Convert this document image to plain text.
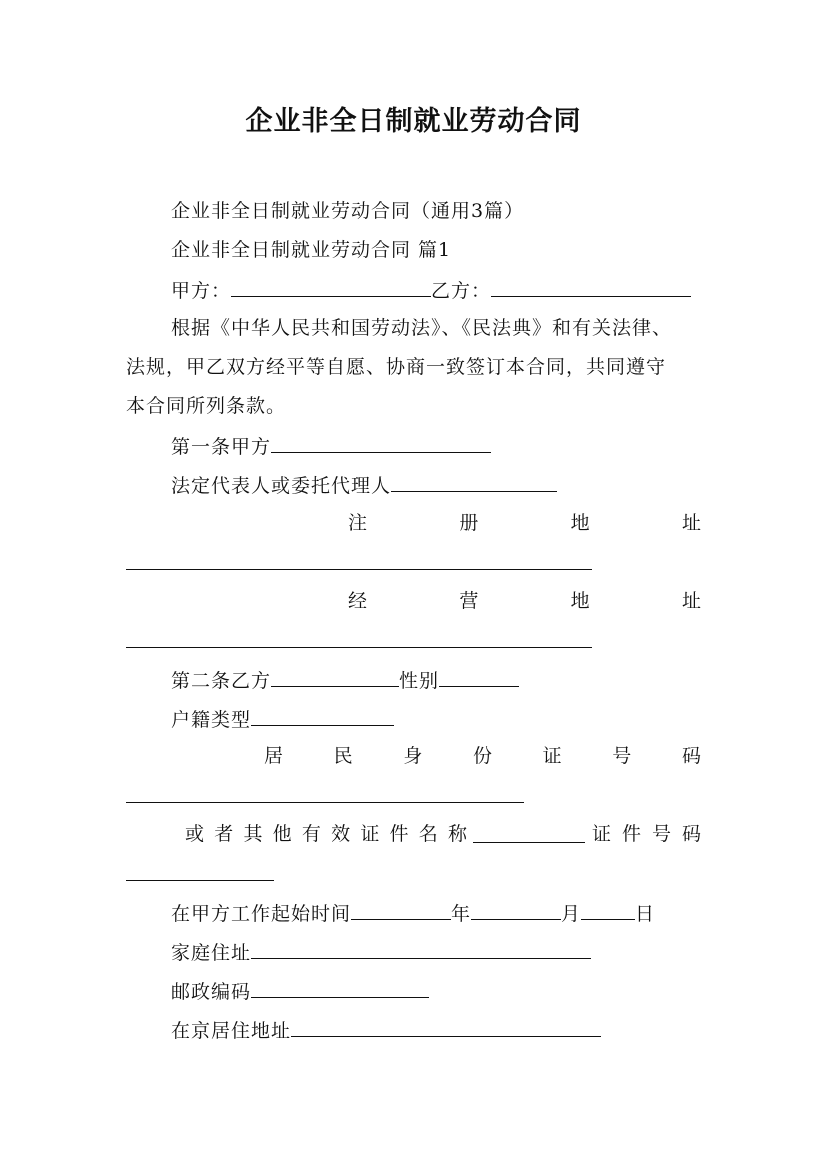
企业非全日制就业劳动合同
企业非全日制就业劳动合同（通用3篇）
企业非全日制就业劳动合同 篇1
甲方：	乙方：
根据《中华人民共和国劳动法》、《民法典》和有关法律、
法规，甲乙双方经平等自愿、协商一致签订本合同，共同遵守
本合同所列条款。
第一条甲方
法定代表人或委托代理人
注	册	地	址
经	营	地	址
第二条乙方	性别
户籍类型
居	民	身	份	证	号	码
或 者 其 他 有 效 证 件 名 称	证 件 号 码
在甲方工作起始时间	年	月	日
家庭住址
邮政编码
在京居住地址
